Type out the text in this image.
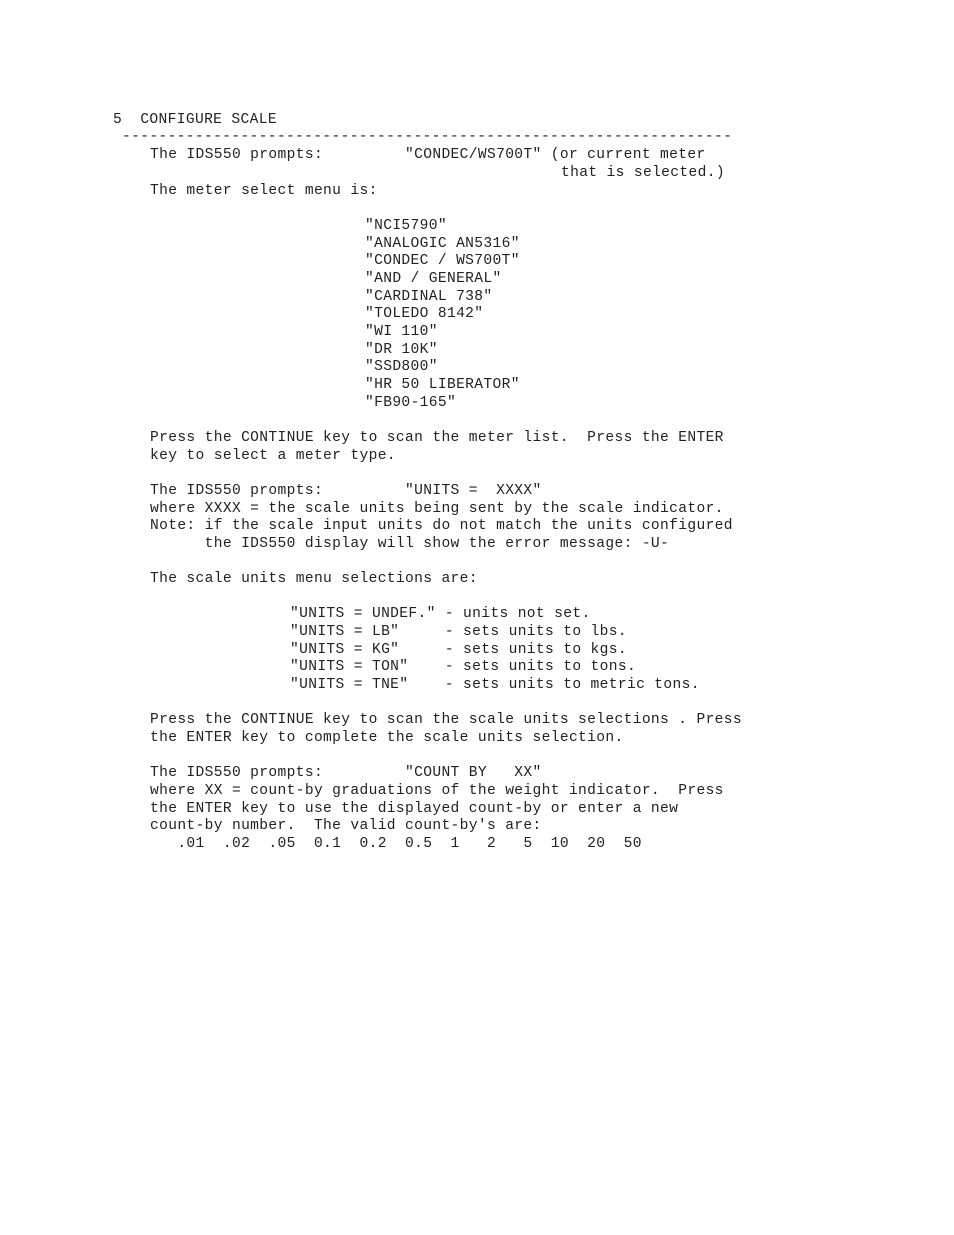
5  CONFIGURE SCALE
-------------------------------------------------------------------
The IDS550 prompts:         "CONDEC/WS700T" (or current meter
that is selected.)
The meter select menu is:
"NCI5790"
"ANALOGIC AN5316"
"CONDEC / WS700T"
"AND / GENERAL"
"CARDINAL 738"
"TOLEDO 8142"
"WI 110"
"DR 10K"
"SSD800"
"HR 50 LIBERATOR"
"FB90-165"
Press the CONTINUE key to scan the meter list.  Press the ENTER
key to select a meter type.
The IDS550 prompts:         "UNITS =  XXXX"
where XXXX = the scale units being sent by the scale indicator.
Note: if the scale input units do not match the units configured
the IDS550 display will show the error message: -U-
The scale units menu selections are:
"UNITS = UNDEF." - units not set.
"UNITS = LB"     - sets units to lbs.
"UNITS = KG"     - sets units to kgs.
"UNITS = TON"    - sets units to tons.
"UNITS = TNE"    - sets units to metric tons.
Press the CONTINUE key to scan the scale units selections . Press
the ENTER key to complete the scale units selection.
The IDS550 prompts:         "COUNT BY   XX"
where XX = count-by graduations of the weight indicator.  Press
the ENTER key to use the displayed count-by or enter a new
count-by number.  The valid count-by's are:
.01  .02  .05  0.1  0.2  0.5  1   2   5  10  20  50
